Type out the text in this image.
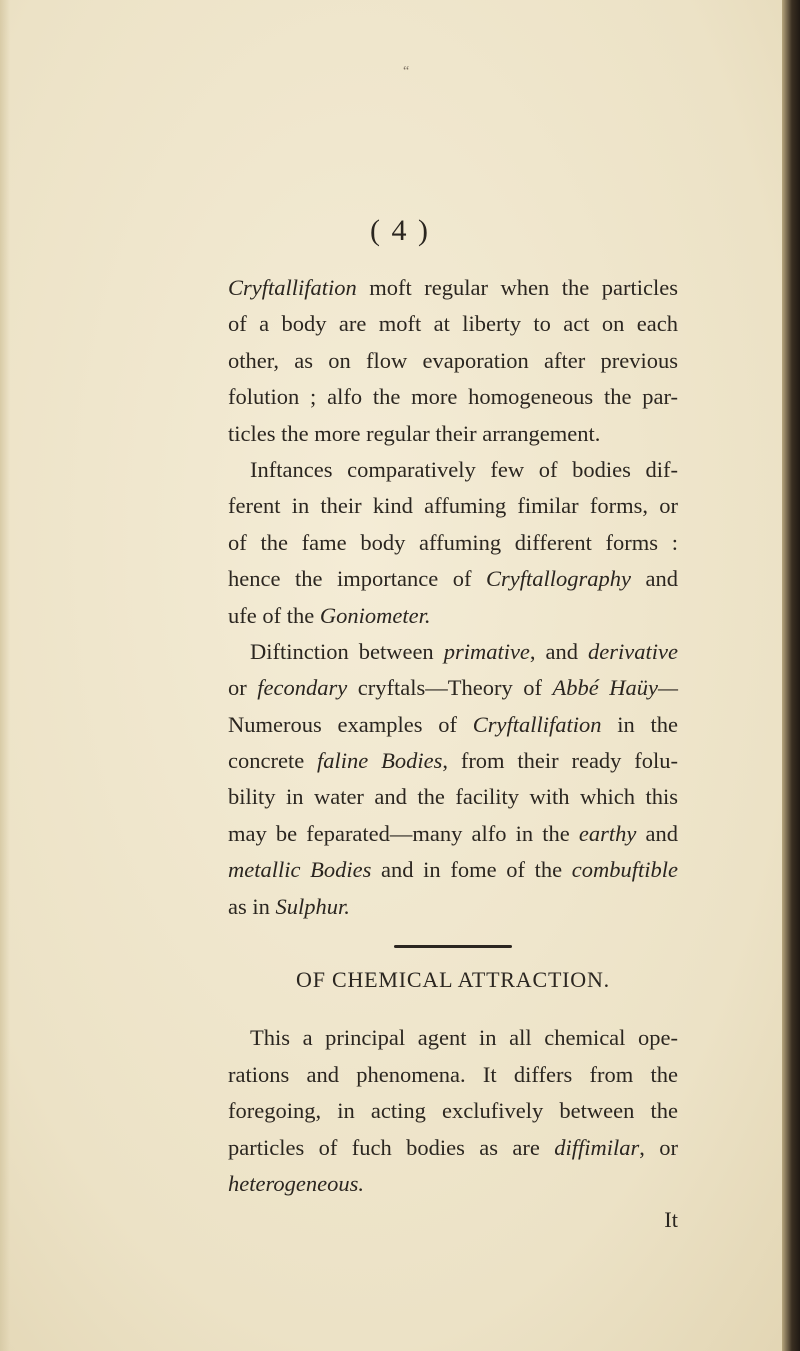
“
( 4 )
Cryftallifation moft regular when the particles
of a body are moft at liberty to act on each
other, as on flow evaporation after previous
folution ; alfo the more homogeneous the par-
ticles the more regular their arrangement.
Inftances comparatively few of bodies dif-
ferent in their kind affuming fimilar forms, or
of the fame body affuming different forms :
hence the importance of Cryftallography and
ufe of the Goniometer.
Diftinction between primative, and derivative
or fecondary cryftals—Theory of Abbé Haüy—
Numerous examples of Cryftallifation in the
concrete faline Bodies, from their ready folu-
bility in water and the facility with which this
may be feparated—many alfo in the earthy and
metallic Bodies and in fome of the combuftible
as in Sulphur.
OF CHEMICAL ATTRACTION.
This a principal agent in all chemical ope-
rations and phenomena. It differs from the
foregoing, in acting exclufively between the
particles of fuch bodies as are diffimilar, or
heterogeneous.
It
